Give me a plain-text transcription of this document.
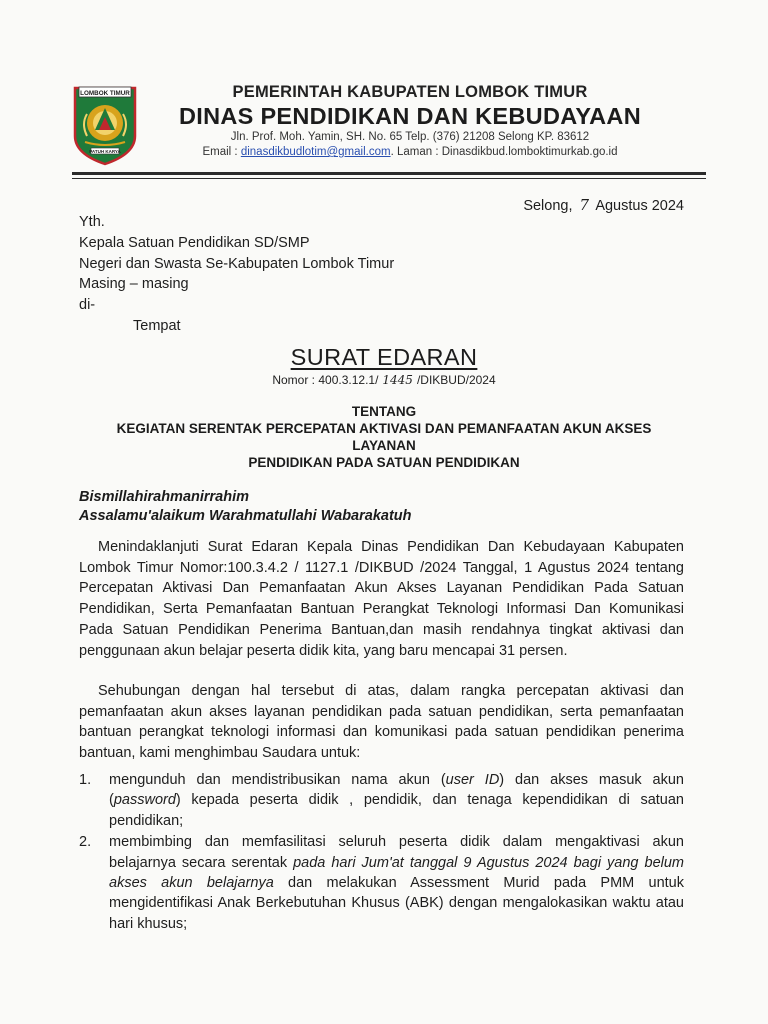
LOMBOK TIMUR
PATUH KARYA
PEMERINTAH KABUPATEN LOMBOK TIMUR
DINAS PENDIDIKAN DAN KEBUDAYAAN
Jln. Prof. Moh. Yamin, SH. No. 65 Telp. (376) 21208 Selong KP. 83612
Email : dinasdikbudlotim@gmail.com. Laman : Dinasdikbud.lomboktimurkab.go.id
Selong, 7 Agustus 2024
Yth.
Kepala Satuan Pendidikan SD/SMP
Negeri dan Swasta Se-Kabupaten Lombok Timur
Masing – masing
di-
Tempat
SURAT EDARAN
Nomor : 400.3.12.1/ 1445 /DIKBUD/2024
TENTANG
KEGIATAN SERENTAK PERCEPATAN AKTIVASI DAN PEMANFAATAN AKUN AKSES
LAYANAN
PENDIDIKAN PADA SATUAN PENDIDIKAN
Bismillahirahmanirrahim
Assalamu'alaikum Warahmatullahi Wabarakatuh
Menindaklanjuti Surat Edaran Kepala Dinas Pendidikan Dan Kebudayaan Kabupaten Lombok Timur Nomor:100.3.4.2 / 1127.1 /DIKBUD /2024 Tanggal, 1 Agustus 2024 tentang Percepatan Aktivasi Dan Pemanfaatan Akun Akses Layanan Pendidikan Pada Satuan Pendidikan, Serta Pemanfaatan Bantuan Perangkat Teknologi Informasi Dan Komunikasi Pada Satuan Pendidikan Penerima Bantuan,dan masih rendahnya tingkat aktivasi dan penggunaan akun belajar peserta didik kita, yang baru mencapai 31 persen.
Sehubungan dengan hal tersebut di atas, dalam rangka percepatan aktivasi dan pemanfaatan akun akses layanan pendidikan pada satuan pendidikan, serta pemanfaatan bantuan perangkat teknologi informasi dan komunikasi pada satuan pendidikan penerima bantuan, kami menghimbau Saudara untuk:
1.	mengunduh dan mendistribusikan nama akun (user ID) dan akses masuk akun (password) kepada peserta didik , pendidik, dan tenaga kependidikan di satuan pendidikan;
2.	membimbing dan memfasilitasi seluruh peserta didik dalam mengaktivasi akun belajarnya secara serentak pada hari Jum'at tanggal 9 Agustus 2024 bagi yang belum akses akun belajarnya dan melakukan Assessment Murid pada PMM untuk mengidentifikasi Anak Berkebutuhan Khusus (ABK) dengan mengalokasikan waktu atau hari khusus;
